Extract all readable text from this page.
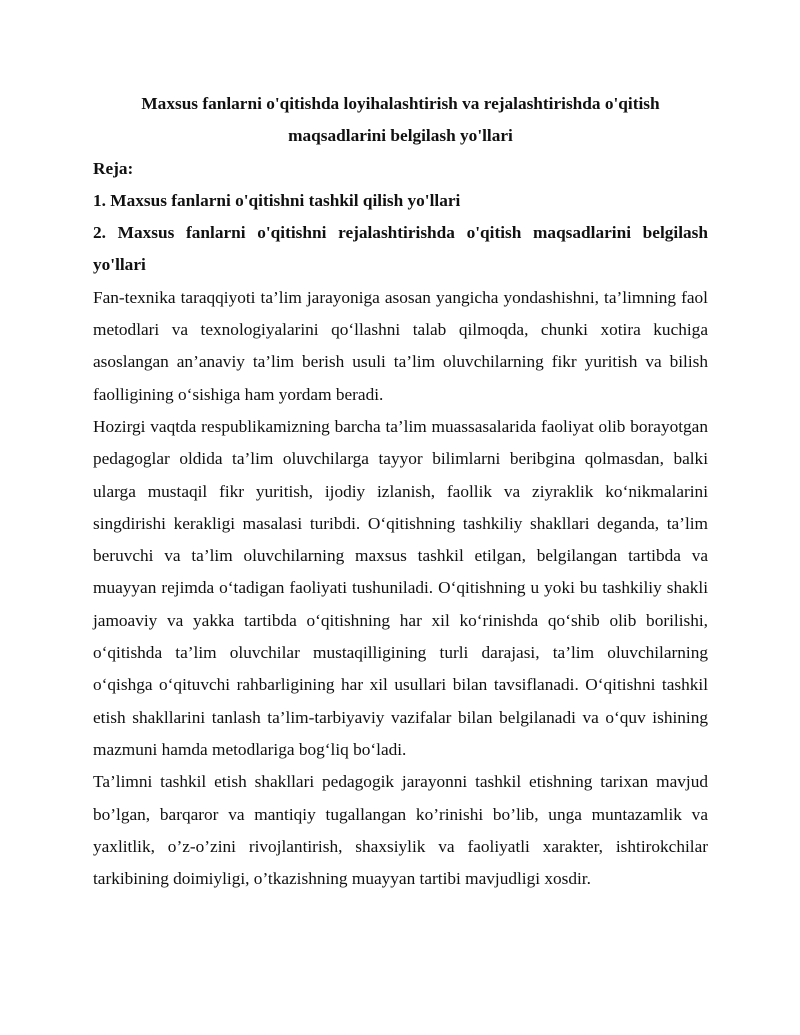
Maxsus fanlarni o'qitishda loyihalashtirish va rejalashtirishda o'qitish maqsadlarini belgilash yo'llari

Reja:

1. Maxsus fanlarni o'qitishni tashkil qilish yo'llari

2. Maxsus fanlarni o'qitishni rejalashtirishda o'qitish maqsadlarini belgilash yo'llari

Fan-texnika taraqqiyoti ta’lim jarayoniga asosan yangicha yondashishni, ta’limning faol metodlari va texnologiyalarini qo‘llashni talab qilmoqda, chunki xotira kuchiga asoslangan an’anaviy ta’lim berish usuli ta’lim oluvchilarning fikr yuritish va bilish faolligining o‘sishiga ham yordam beradi.

Hozirgi vaqtda respublikamizning barcha ta’lim muassasalarida faoliyat olib borayotgan pedagoglar oldida ta’lim oluvchilarga tayyor bilimlarni beribgina qolmasdan, balki ularga mustaqil fikr yuritish, ijodiy izlanish, faollik va ziyraklik ko‘nikmalarini singdirishi kerakligi masalasi turibdi. O‘qitishning tashkiliy shakllari deganda, ta’lim beruvchi va ta’lim oluvchilarning maxsus tashkil etilgan, belgilangan tartibda va muayyan rejimda o‘tadigan faoliyati tushuniladi. O‘qitishning u yoki bu tashkiliy shakli jamoaviy va yakka tartibda o‘qitishning har xil ko‘rinishda qo‘shib olib borilishi, o‘qitishda ta’lim oluvchilar mustaqilligining turli darajasi, ta’lim oluvchilarning o‘qishga o‘qituvchi rahbarligining har xil usullari bilan tavsiflanadi. O‘qitishni tashkil etish shakllarini tanlash ta’lim-tarbiyaviy vazifalar bilan belgilanadi va o‘quv ishining mazmuni hamda metodlariga bog‘liq bo‘ladi.

Ta’limni tashkil etish shakllari pedagogik jarayonni tashkil etishning tarixan mavjud bo’lgan, barqaror va mantiqiy tugallangan ko’rinishi bo’lib, unga muntazamlik va yaxlitlik, o’z-o’zini rivojlantirish, shaxsiylik va faoliyatli xarakter, ishtirokchilar tarkibining doimiyligi, o’tkazishning muayyan tartibi mavjudligi xosdir.
